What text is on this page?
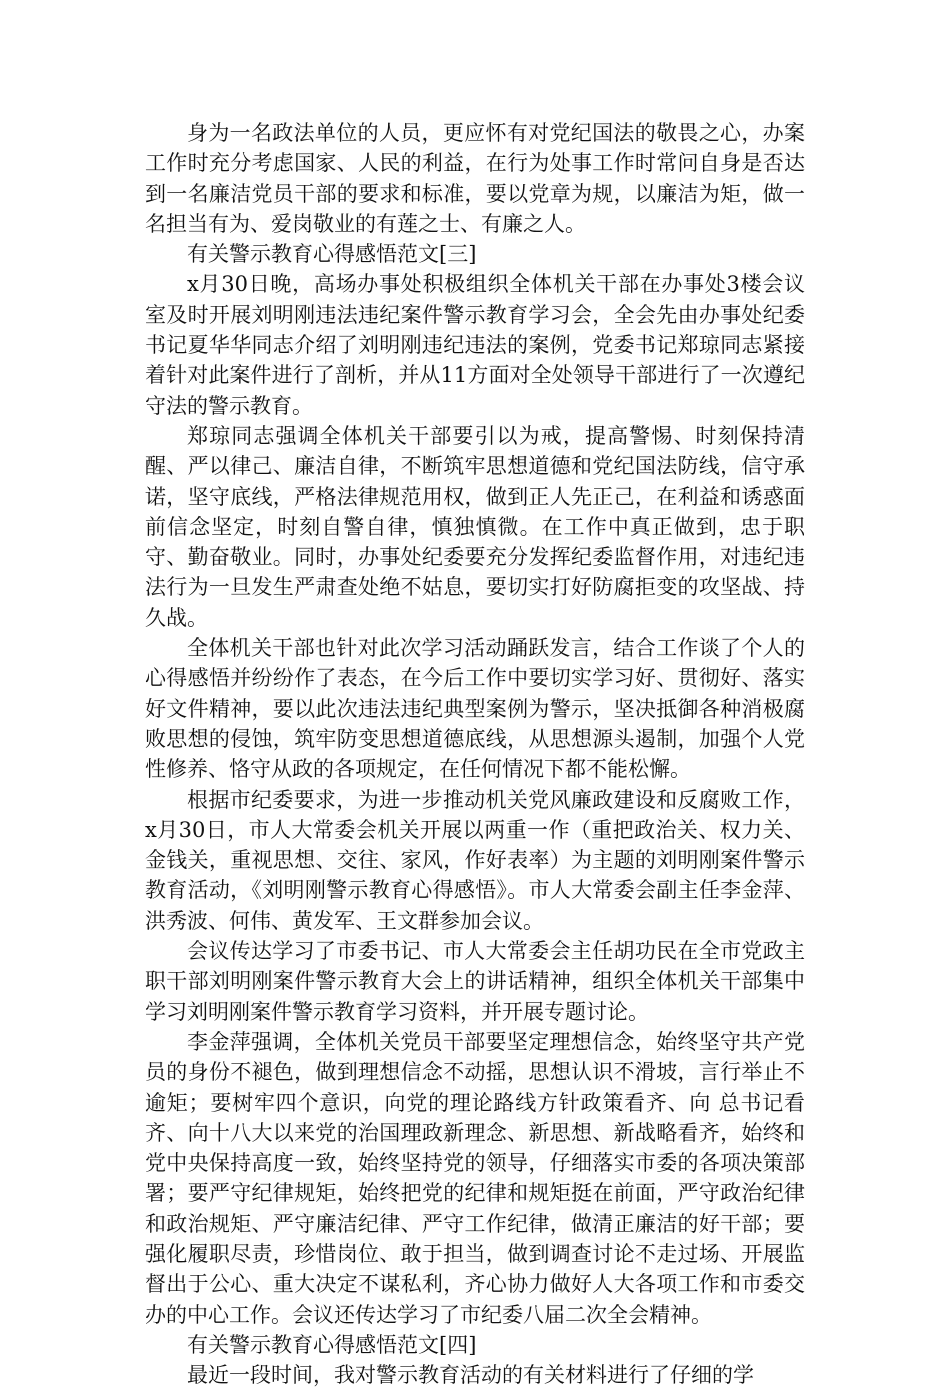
身为一名政法单位的人员，更应怀有对党纪国法的敬畏之心，办案工作时充分考虑国家、人民的利益，在行为处事工作时常问自身是否达到一名廉洁党员干部的要求和标准，要以党章为规，以廉洁为矩，做一名担当有为、爱岗敬业的有莲之士、有廉之人。

有关警示教育心得感悟范文[三]

x月30日晚，高场办事处积极组织全体机关干部在办事处3楼会议室及时开展刘明刚违法违纪案件警示教育学习会，全会先由办事处纪委书记夏华华同志介绍了刘明刚违纪违法的案例，党委书记郑琼同志紧接着针对此案件进行了剖析，并从11方面对全处领导干部进行了一次遵纪守法的警示教育。

郑琼同志强调全体机关干部要引以为戒，提高警惕、时刻保持清醒、严以律己、廉洁自律，不断筑牢思想道德和党纪国法防线，信守承诺，坚守底线，严格法律规范用权，做到正人先正己，在利益和诱惑面前信念坚定，时刻自警自律，慎独慎微。在工作中真正做到，忠于职守、勤奋敬业。同时，办事处纪委要充分发挥纪委监督作用，对违纪违法行为一旦发生严肃查处绝不姑息，要切实打好防腐拒变的攻坚战、持久战。

全体机关干部也针对此次学习活动踊跃发言，结合工作谈了个人的心得感悟并纷纷作了表态，在今后工作中要切实学习好、贯彻好、落实好文件精神，要以此次违法违纪典型案例为警示，坚决抵御各种消极腐败思想的侵蚀，筑牢防变思想道德底线，从思想源头遏制，加强个人党性修养、恪守从政的各项规定，在任何情况下都不能松懈。

根据市纪委要求，为进一步推动机关党风廉政建设和反腐败工作，x月30日，市人大常委会机关开展以两重一作（重把政治关、权力关、金钱关，重视思想、交往、家风，作好表率）为主题的刘明刚案件警示教育活动，《刘明刚警示教育心得感悟》。市人大常委会副主任李金萍、洪秀波、何伟、黄发军、王文群参加会议。

会议传达学习了市委书记、市人大常委会主任胡功民在全市党政主职干部刘明刚案件警示教育大会上的讲话精神，组织全体机关干部集中学习刘明刚案件警示教育学习资料，并开展专题讨论。

李金萍强调，全体机关党员干部要坚定理想信念，始终坚守共产党员的身份不褪色，做到理想信念不动摇，思想认识不滑坡，言行举止不逾矩；要树牢四个意识，向党的理论路线方针政策看齐、向 总书记看齐、向十八大以来党的治国理政新理念、新思想、新战略看齐，始终和党中央保持高度一致，始终坚持党的领导，仔细落实市委的各项决策部署；要严守纪律规矩，始终把党的纪律和规矩挺在前面，严守政治纪律和政治规矩、严守廉洁纪律、严守工作纪律，做清正廉洁的好干部；要强化履职尽责，珍惜岗位、敢于担当，做到调查讨论不走过场、开展监督出于公心、重大决定不谋私利，齐心协力做好人大各项工作和市委交办的中心工作。会议还传达学习了市纪委八届二次全会精神。

有关警示教育心得感悟范文[四]

最近一段时间，我对警示教育活动的有关材料进行了仔细的学
